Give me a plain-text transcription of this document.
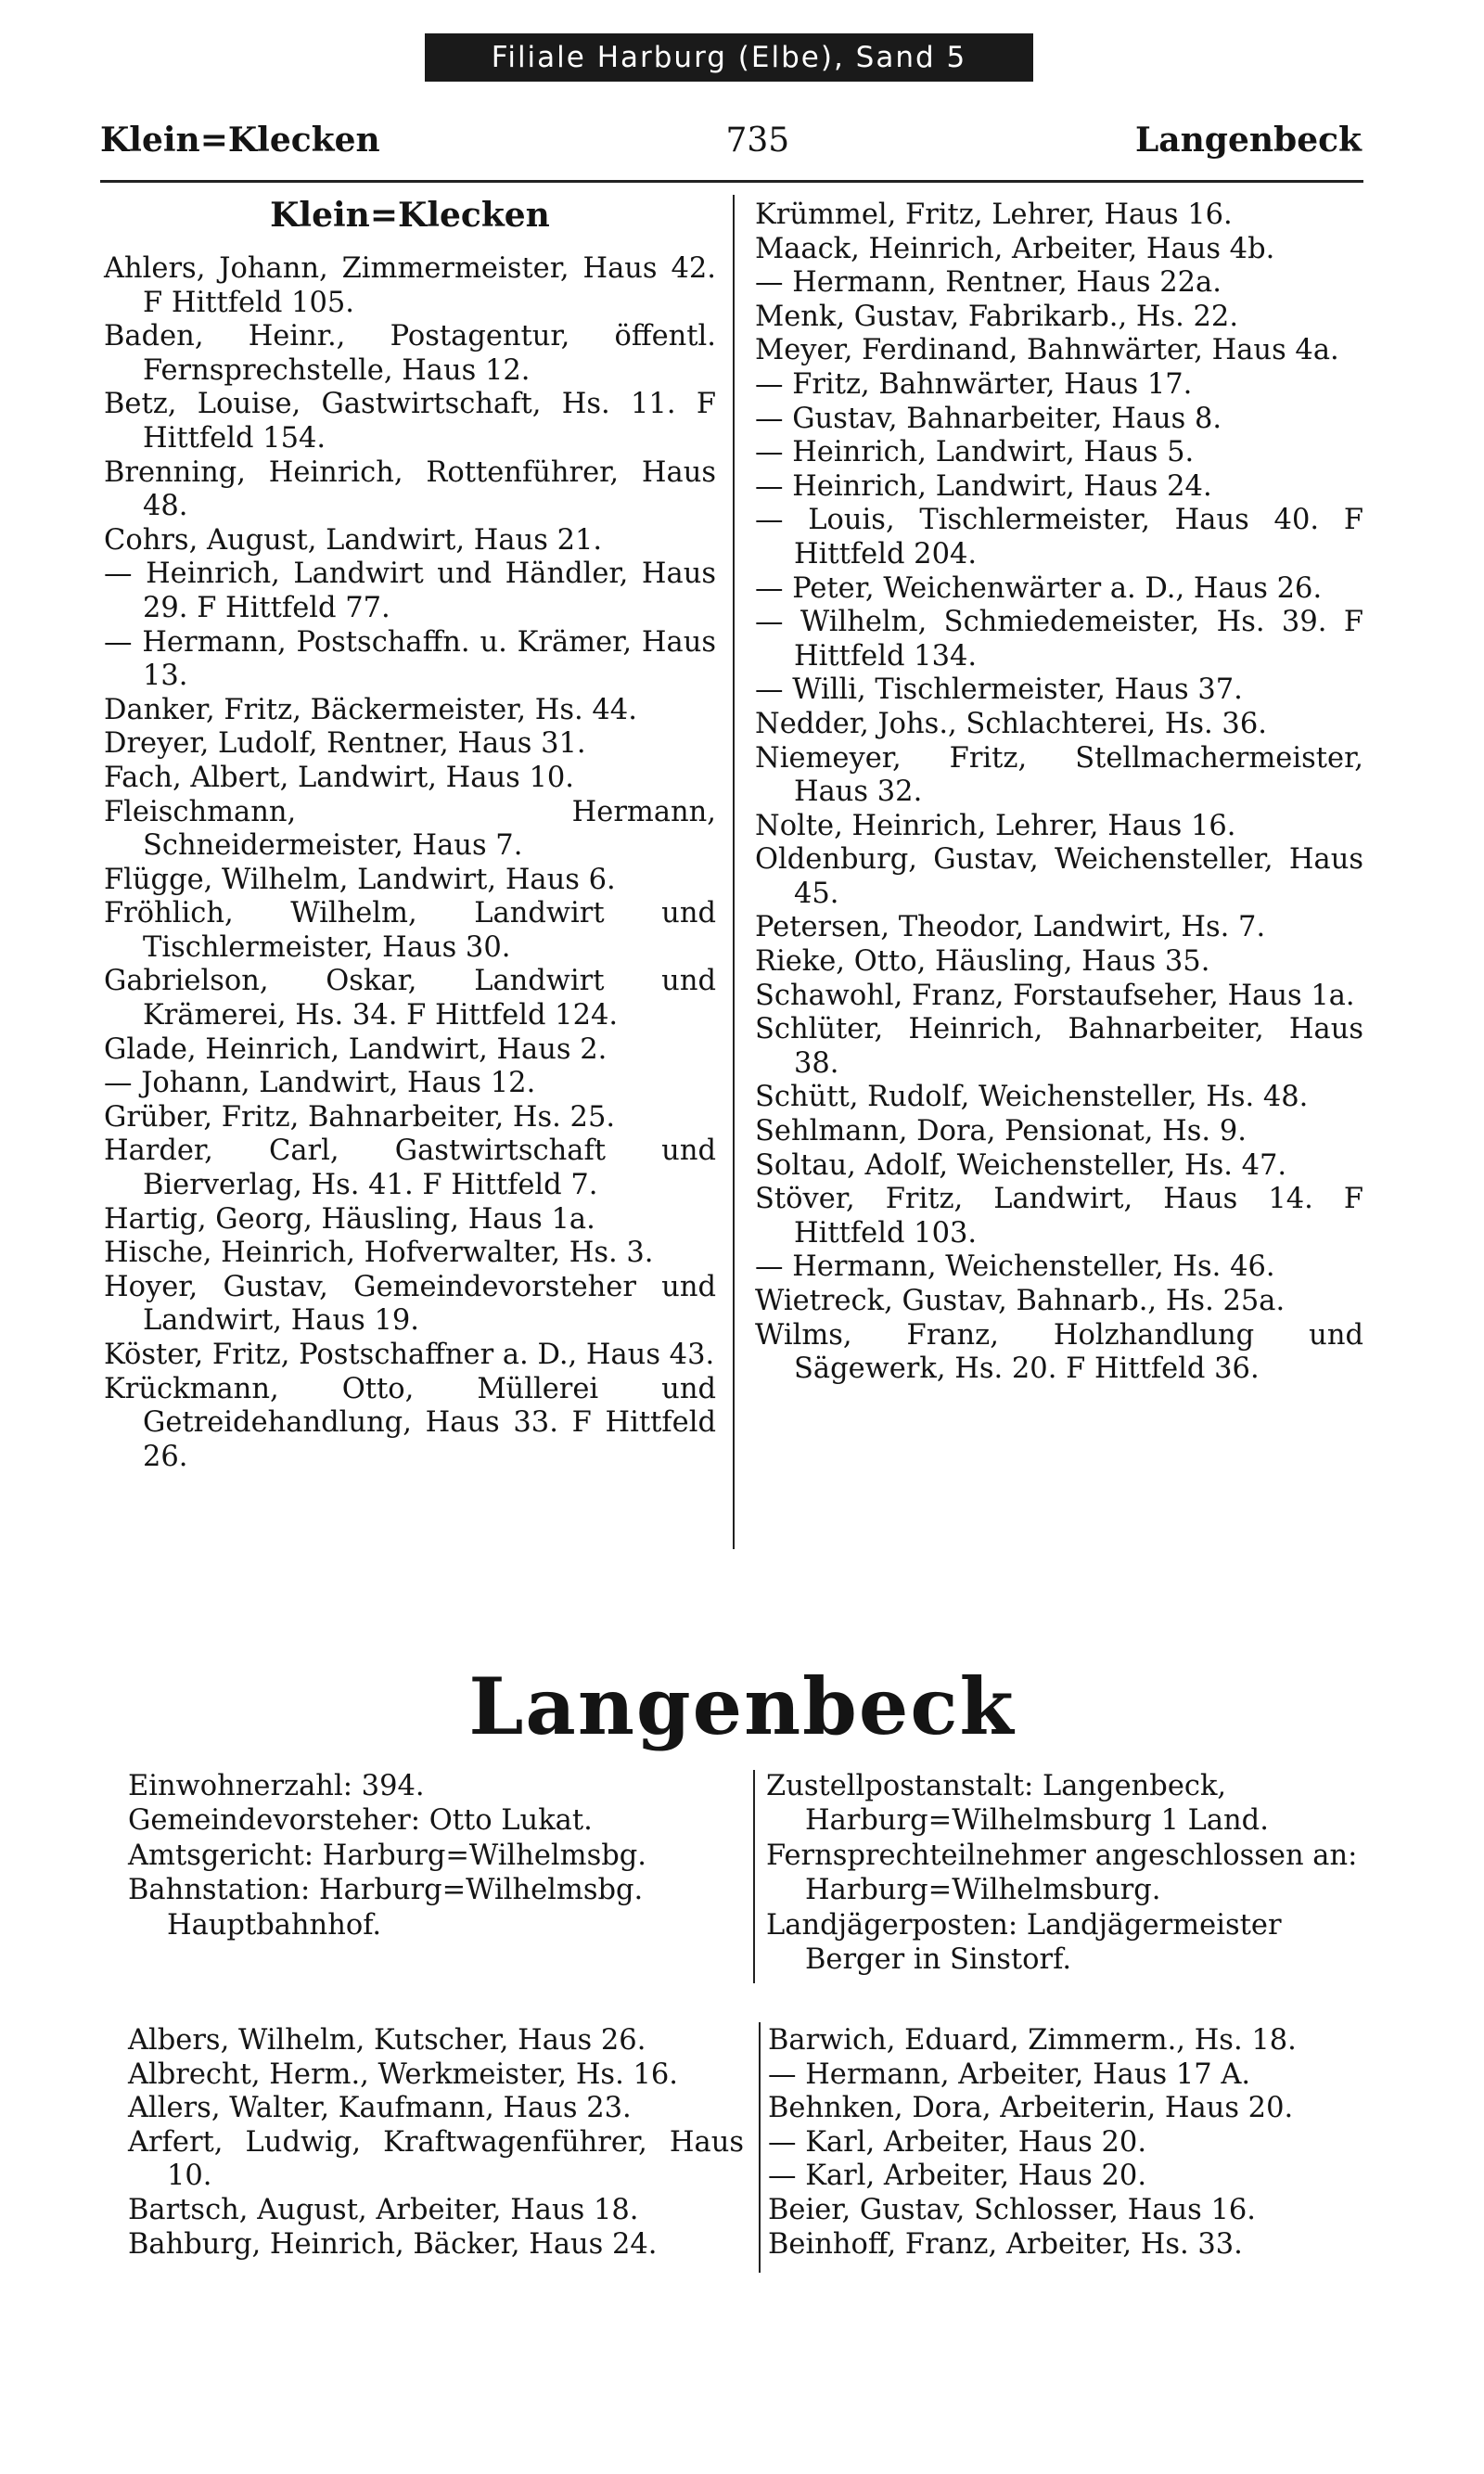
Filiale Harburg (Elbe), Sand 5
Klein=Klecken	735	Langenbeck
Klein=Klecken
Ahlers, Johann, Zimmermeister, Haus 42. F Hittfeld 105.
Baden, Heinr., Postagentur, öffentl. Fernsprechstelle, Haus 12.
Betz, Louise, Gastwirtschaft, Hs. 11. F Hittfeld 154.
Brenning, Heinrich, Rottenführer, Haus 48.
Cohrs, August, Landwirt, Haus 21.
— Heinrich, Landwirt und Händler, Haus 29. F Hittfeld 77.
— Hermann, Postschaffn. u. Krämer, Haus 13.
Danker, Fritz, Bäckermeister, Hs. 44.
Dreyer, Ludolf, Rentner, Haus 31.
Fach, Albert, Landwirt, Haus 10.
Fleischmann, Hermann, Schneidermeister, Haus 7.
Flügge, Wilhelm, Landwirt, Haus 6.
Fröhlich, Wilhelm, Landwirt und Tischlermeister, Haus 30.
Gabrielson, Oskar, Landwirt und Krämerei, Hs. 34. F Hittfeld 124.
Glade, Heinrich, Landwirt, Haus 2.
— Johann, Landwirt, Haus 12.
Grüber, Fritz, Bahnarbeiter, Hs. 25.
Harder, Carl, Gastwirtschaft und Bierverlag, Hs. 41. F Hittfeld 7.
Hartig, Georg, Häusling, Haus 1a.
Hische, Heinrich, Hofverwalter, Hs. 3.
Hoyer, Gustav, Gemeindevorsteher und Landwirt, Haus 19.
Köster, Fritz, Postschaffner a. D., Haus 43.
Krückmann, Otto, Müllerei und Getreidehandlung, Haus 33. F Hittfeld 26.
Krümmel, Fritz, Lehrer, Haus 16.
Maack, Heinrich, Arbeiter, Haus 4b.
— Hermann, Rentner, Haus 22a.
Menk, Gustav, Fabrikarb., Hs. 22.
Meyer, Ferdinand, Bahnwärter, Haus 4a.
— Fritz, Bahnwärter, Haus 17.
— Gustav, Bahnarbeiter, Haus 8.
— Heinrich, Landwirt, Haus 5.
— Heinrich, Landwirt, Haus 24.
— Louis, Tischlermeister, Haus 40. F Hittfeld 204.
— Peter, Weichenwärter a. D., Haus 26.
— Wilhelm, Schmiedemeister, Hs. 39. F Hittfeld 134.
— Willi, Tischlermeister, Haus 37.
Nedder, Johs., Schlachterei, Hs. 36.
Niemeyer, Fritz, Stellmachermeister, Haus 32.
Nolte, Heinrich, Lehrer, Haus 16.
Oldenburg, Gustav, Weichensteller, Haus 45.
Petersen, Theodor, Landwirt, Hs. 7.
Rieke, Otto, Häusling, Haus 35.
Schawohl, Franz, Forstaufseher, Haus 1a.
Schlüter, Heinrich, Bahnarbeiter, Haus 38.
Schütt, Rudolf, Weichensteller, Hs. 48.
Sehlmann, Dora, Pensionat, Hs. 9.
Soltau, Adolf, Weichensteller, Hs. 47.
Stöver, Fritz, Landwirt, Haus 14. F Hittfeld 103.
— Hermann, Weichensteller, Hs. 46.
Wietreck, Gustav, Bahnarb., Hs. 25a.
Wilms, Franz, Holzhandlung und Sägewerk, Hs. 20. F Hittfeld 36.
Langenbeck
Einwohnerzahl: 394.
Gemeindevorsteher: Otto Lukat.
Amtsgericht: Harburg=Wilhelmsbg.
Bahnstation: Harburg=Wilhelmsbg. Hauptbahnhof.
Zustellpostanstalt: Langenbeck, Harburg=Wilhelmsburg 1 Land.
Fernsprechteilnehmer angeschlossen an: Harburg=Wilhelmsburg.
Landjägerposten: Landjägermeister Berger in Sinstorf.
Albers, Wilhelm, Kutscher, Haus 26.
Albrecht, Herm., Werkmeister, Hs. 16.
Allers, Walter, Kaufmann, Haus 23.
Arfert, Ludwig, Kraftwagenführer, Haus 10.
Bartsch, August, Arbeiter, Haus 18.
Bahburg, Heinrich, Bäcker, Haus 24.
Barwich, Eduard, Zimmerm., Hs. 18.
— Hermann, Arbeiter, Haus 17 A.
Behnken, Dora, Arbeiterin, Haus 20.
— Karl, Arbeiter, Haus 20.
— Karl, Arbeiter, Haus 20.
Beier, Gustav, Schlosser, Haus 16.
Beinhoff, Franz, Arbeiter, Hs. 33.
